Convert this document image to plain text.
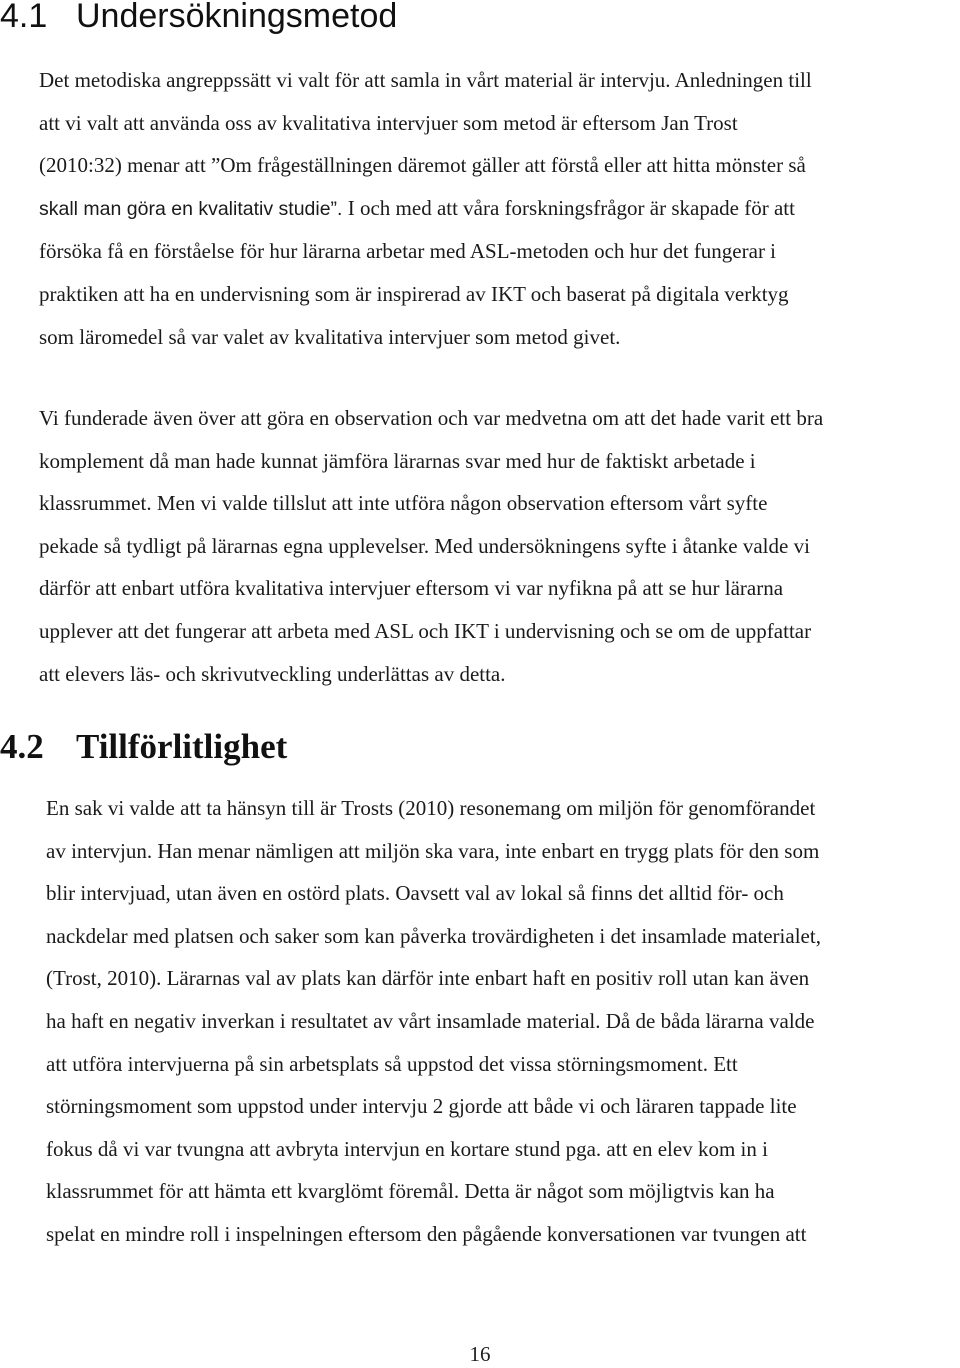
4.1 Undersökningsmetod
Det metodiska angreppssätt vi valt för att samla in vårt material är intervju. Anledningen till
att vi valt att använda oss av kvalitativa intervjuer som metod är eftersom Jan Trost
(2010:32) menar att ”Om frågeställningen däremot gäller att förstå eller att hitta mönster så
skall man göra en kvalitativ studie”. I och med att våra forskningsfrågor är skapade för att
försöka få en förståelse för hur lärarna arbetar med ASL-metoden och hur det fungerar i
praktiken att ha en undervisning som är inspirerad av IKT och baserat på digitala verktyg
som läromedel så var valet av kvalitativa intervjuer som metod givet.
Vi funderade även över att göra en observation och var medvetna om att det hade varit ett bra
komplement då man hade kunnat jämföra lärarnas svar med hur de faktiskt arbetade i
klassrummet. Men vi valde tillslut att inte utföra någon observation eftersom vårt syfte
pekade så tydligt på lärarnas egna upplevelser. Med undersökningens syfte i åtanke valde vi
därför att enbart utföra kvalitativa intervjuer eftersom vi var nyfikna på att se hur lärarna
upplever att det fungerar att arbeta med ASL och IKT i undervisning och se om de uppfattar
att elevers läs- och skrivutveckling underlättas av detta.
4.2 Tillförlitlighet
En sak vi valde att ta hänsyn till är Trosts (2010) resonemang om miljön för genomförandet
av intervjun. Han menar nämligen att miljön ska vara, inte enbart en trygg plats för den som
blir intervjuad, utan även en ostörd plats. Oavsett val av lokal så finns det alltid för- och
nackdelar med platsen och saker som kan påverka trovärdigheten i det insamlade materialet,
(Trost, 2010). Lärarnas val av plats kan därför inte enbart haft en positiv roll utan kan även
ha haft en negativ inverkan i resultatet av vårt insamlade material. Då de båda lärarna valde
att utföra intervjuerna på sin arbetsplats så uppstod det vissa störningsmoment. Ett
störningsmoment som uppstod under intervju 2 gjorde att både vi och läraren tappade lite
fokus då vi var tvungna att avbryta intervjun en kortare stund pga. att en elev kom in i
klassrummet för att hämta ett kvarglömt föremål. Detta är något som möjligtvis kan ha
spelat en mindre roll i inspelningen eftersom den pågående konversationen var tvungen att

16
